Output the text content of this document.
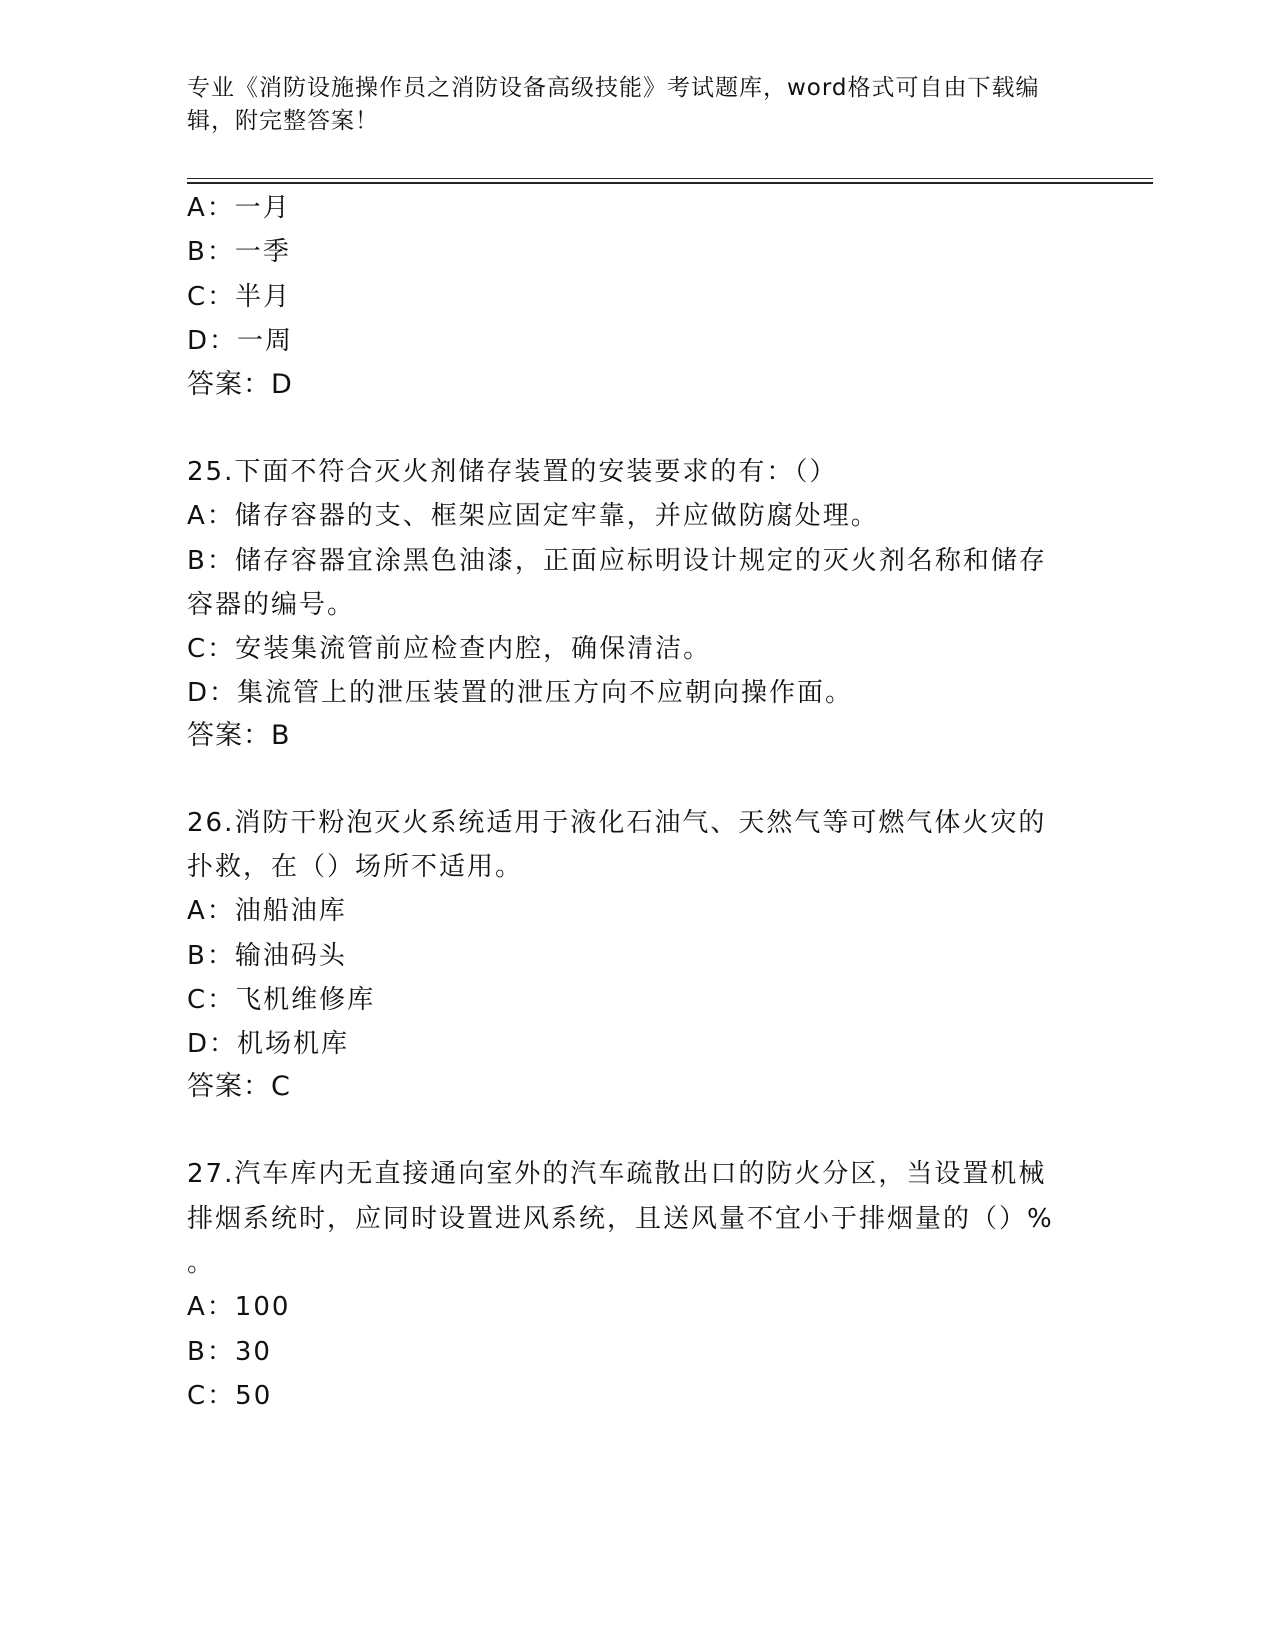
专业《消防设施操作员之消防设备高级技能》考试题库，word格式可自由下载编
辑，附完整答案！
A：一月
B：一季
C：半月
D：一周
答案：D
25.下面不符合灭火剂储存装置的安装要求的有：（）
A：储存容器的支、框架应固定牢靠，并应做防腐处理。
B：储存容器宜涂黑色油漆，正面应标明设计规定的灭火剂名称和储存
容器的编号。
C：安装集流管前应检查内腔，确保清洁。
D：集流管上的泄压装置的泄压方向不应朝向操作面。
答案：B
26.消防干粉泡灭火系统适用于液化石油气、天然气等可燃气体火灾的
扑救，在（）场所不适用。
A：油船油库
B：输油码头
C：飞机维修库
D：机场机库
答案：C
27.汽车库内无直接通向室外的汽车疏散出口的防火分区，当设置机械
排烟系统时，应同时设置进风系统，且送风量不宜小于排烟量的（）%
。
A：100
B：30
C：50
